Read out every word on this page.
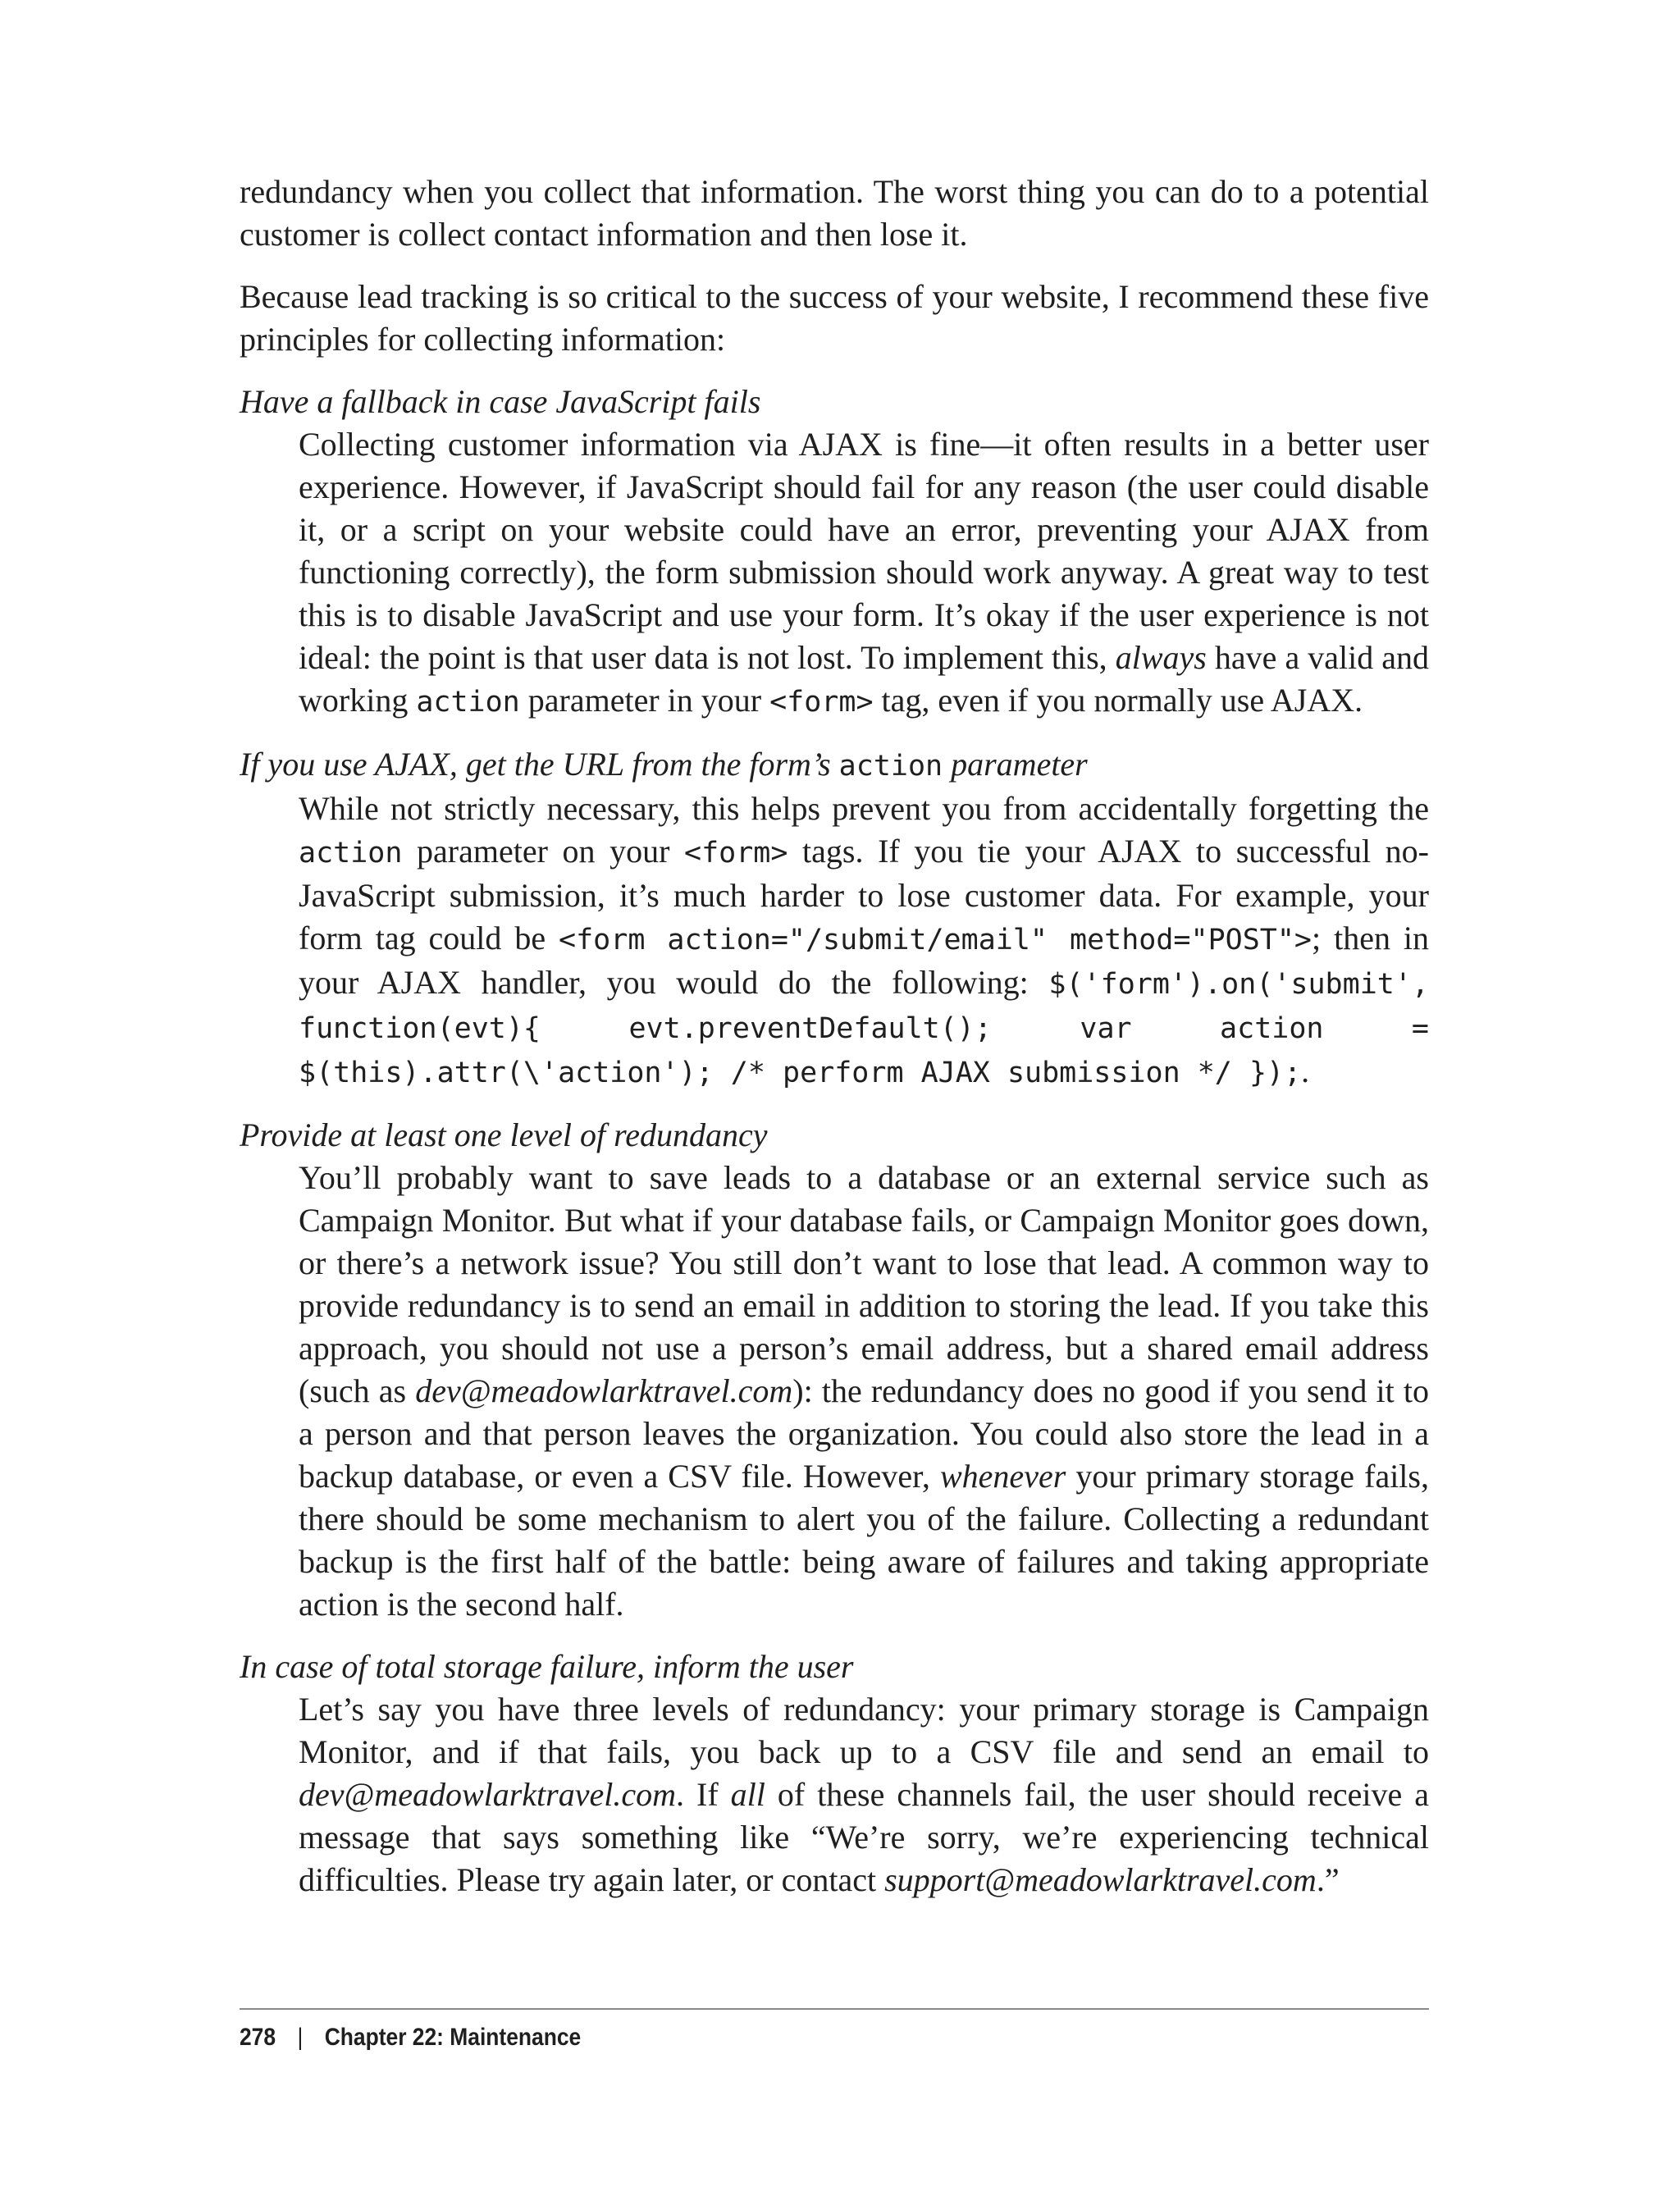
redundancy when you collect that information. The worst thing you can do to a potential customer is collect contact information and then lose it.

Because lead tracking is so critical to the success of your website, I recommend these five principles for collecting information:

Have a fallback in case JavaScript fails
Collecting customer information via AJAX is fine—it often results in a better user experience. However, if JavaScript should fail for any reason (the user could disable it, or a script on your website could have an error, preventing your AJAX from functioning correctly), the form submission should work anyway. A great way to test this is to disable JavaScript and use your form. It’s okay if the user experience is not ideal: the point is that user data is not lost. To implement this, always have a valid and working action parameter in your <form> tag, even if you normally use AJAX.
If you use AJAX, get the URL from the form’s action parameter
While not strictly necessary, this helps prevent you from accidentally forgetting the action parameter on your <form> tags. If you tie your AJAX to successful no-JavaScript submission, it’s much harder to lose customer data. For example, your form tag could be <form action="/submit/email" method="POST">; then in your AJAX handler, you would do the following: $('form').on('submit', function(evt){ evt.preventDefault(); var action = $(this).attr(\'action'); /* perform AJAX submission */ });.
Provide at least one level of redundancy
You’ll probably want to save leads to a database or an external service such as Campaign Monitor. But what if your database fails, or Campaign Monitor goes down, or there’s a network issue? You still don’t want to lose that lead. A common way to provide redundancy is to send an email in addition to storing the lead. If you take this approach, you should not use a person’s email address, but a shared email address (such as dev@meadowlarktravel.com): the redundancy does no good if you send it to a person and that person leaves the organization. You could also store the lead in a backup database, or even a CSV file. However, whenever your primary storage fails, there should be some mechanism to alert you of the failure. Collecting a redundant backup is the first half of the battle: being aware of failures and taking appropriate action is the second half.
In case of total storage failure, inform the user
Let’s say you have three levels of redundancy: your primary storage is Campaign Monitor, and if that fails, you back up to a CSV file and send an email to dev@meadowlarktravel.com. If all of these channels fail, the user should receive a message that says something like “We’re sorry, we’re experiencing technical difficulties. Please try again later, or contact support@meadowlarktravel.com.”
278 | Chapter 22: Maintenance
